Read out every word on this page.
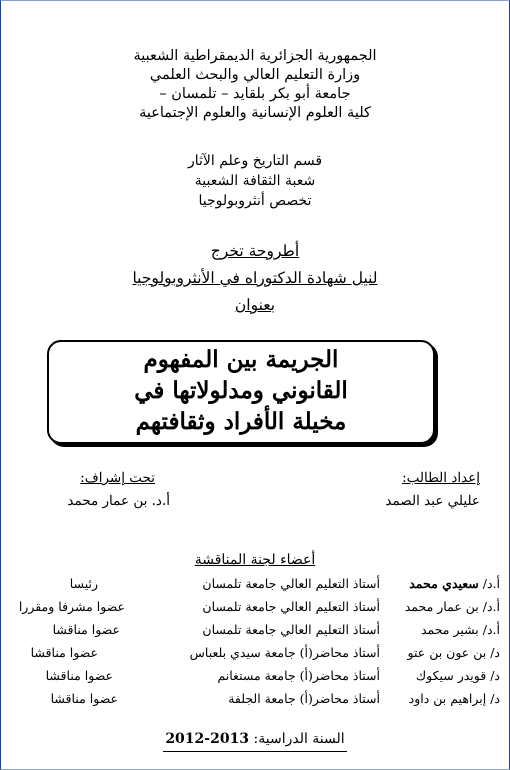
الجمهورية الجزائرية الديمقراطية الشعبية
وزارة التعليم العالي والبحث العلمي
جامعة أبو بكر بلقايد – تلمسان –
كلية العلوم الإنسانية والعلوم الإجتماعية
قسم التاريخ وعلم الآثار
شعبة الثقافة الشعبية
تخصص أنثروبولوجيا
أطروحة تخرج
لنيل شهادة الدكتوراه في الأنثروبولوجيا
بعنوان
الجريمة بين المفهوم
القانوني ومدلولاتها في
مخيلة الأفراد وثقافتهم
إعداد الطالب:
عليلي عبد الصمد
تحت إشراف:
أ.د. بن عمار محمد
أعضاء لجنة المناقشة
أ.د/ سعيدي محمد
أستاذ التعليم العالي جامعة تلمسان
رئيسا
أ.د/ بن عمار محمد
أستاذ التعليم العالي جامعة تلمسان
عضوا مشرفا ومقررا
أ.د/ بشير محمد
أستاذ التعليم العالي جامعة تلمسان
عضوا مناقشا
د/ بن عون بن عتو
أستاذ محاضر(أ) جامعة سيدي بلعباس
عضوا مناقشا
د/ قويدر سيكوك
أستاذ محاضر(أ) جامعة مستغانم
عضوا مناقشا
د/ إبراهيم بن داود
أستاذ محاضر(أ) جامعة الجلفة
عضوا مناقشا
السنة الدراسية: 2012-2013
